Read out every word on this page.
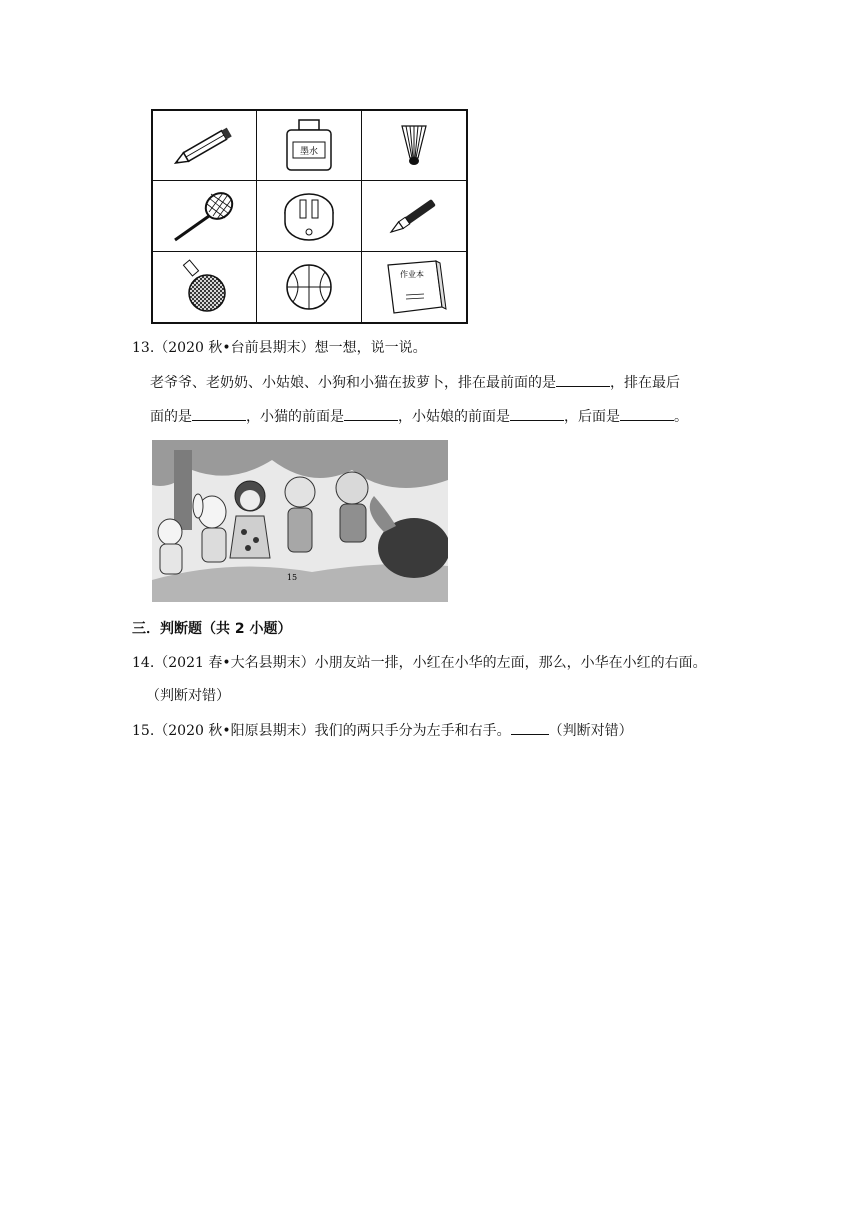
墨水
作业本
13.（2020 秋•台前县期末）想一想，说一说。
老爷爷、老奶奶、小姑娘、小狗和小猫在拔萝卜，排在最前面的是	，排在最后
面的是	，小猫的前面是	，小姑娘的前面是	，后面是	。
15
三．判断题（共 2 小题）
14.（2021 春•大名县期末）小朋友站一排，小红在小华的左面，那么，小华在小红的右面。
（判断对错）
15.（2020 秋•阳原县期末）我们的两只手分为左手和右手。	（判断对错）
